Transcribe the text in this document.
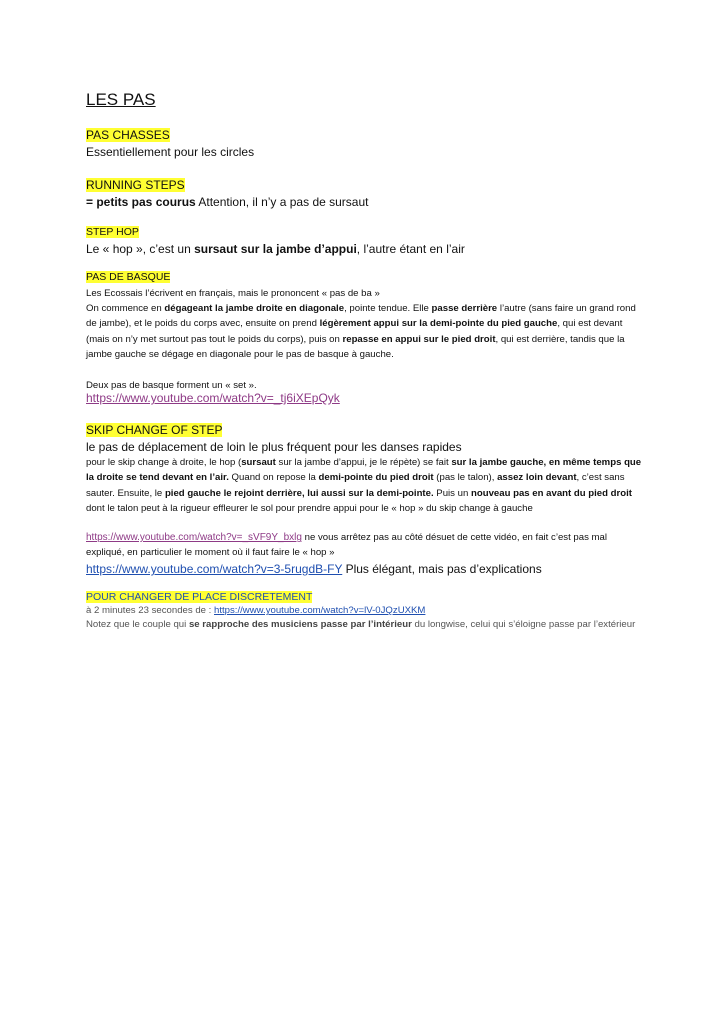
LES PAS
PAS CHASSES
Essentiellement pour les circles
RUNNING STEPS
= petits pas courus Attention, il n’y a pas de sursaut
STEP HOP
Le « hop », c’est un sursaut sur la jambe d’appui, l’autre étant en l’air
PAS DE BASQUE
Les Ecossais l’écrivent en français, mais le prononcent « pas de ba »
On commence en dégageant la jambe droite en diagonale, pointe tendue. Elle passe derrière l’autre (sans faire un grand rond de jambe), et le poids du corps avec, ensuite on prend légèrement appui sur la demi-pointe du pied gauche, qui est devant (mais on n’y met surtout pas tout le poids du corps), puis on repasse en appui sur le pied droit, qui est derrière, tandis que la jambe gauche se dégage en diagonale pour le pas de basque à gauche.
Deux pas de basque forment un « set ».
https://www.youtube.com/watch?v=_tj6iXEpQyk
SKIP CHANGE OF STEP
le pas de déplacement de loin le plus fréquent pour les danses rapides
pour le skip change à droite, le hop (sursaut sur la jambe d’appui, je le répète) se fait sur la jambe gauche, en même temps que la droite se tend devant en l’air. Quand on repose la demi-pointe du pied droit (pas le talon), assez loin devant, c’est sans sauter. Ensuite, le pied gauche le rejoint derrière, lui aussi sur la demi-pointe. Puis un nouveau pas en avant du pied droit dont le talon peut à la rigueur effleurer le sol pour prendre appui pour le « hop » du skip change à gauche
https://www.youtube.com/watch?v=_sVF9Y_bxlg ne vous arrêtez pas au côté désuet de cette vidéo, en fait c’est pas mal expliqué, en particulier le moment où il faut faire le « hop »
https://www.youtube.com/watch?v=3-5rugdB-FY Plus élégant, mais pas d’explications
POUR CHANGER DE PLACE DISCRETEMENT
à 2 minutes 23 secondes de : https://www.youtube.com/watch?v=lV-0JQzUXKM
Notez que le couple qui se rapproche des musiciens passe par l’intérieur du longwise, celui qui s’éloigne passe par l’extérieur
